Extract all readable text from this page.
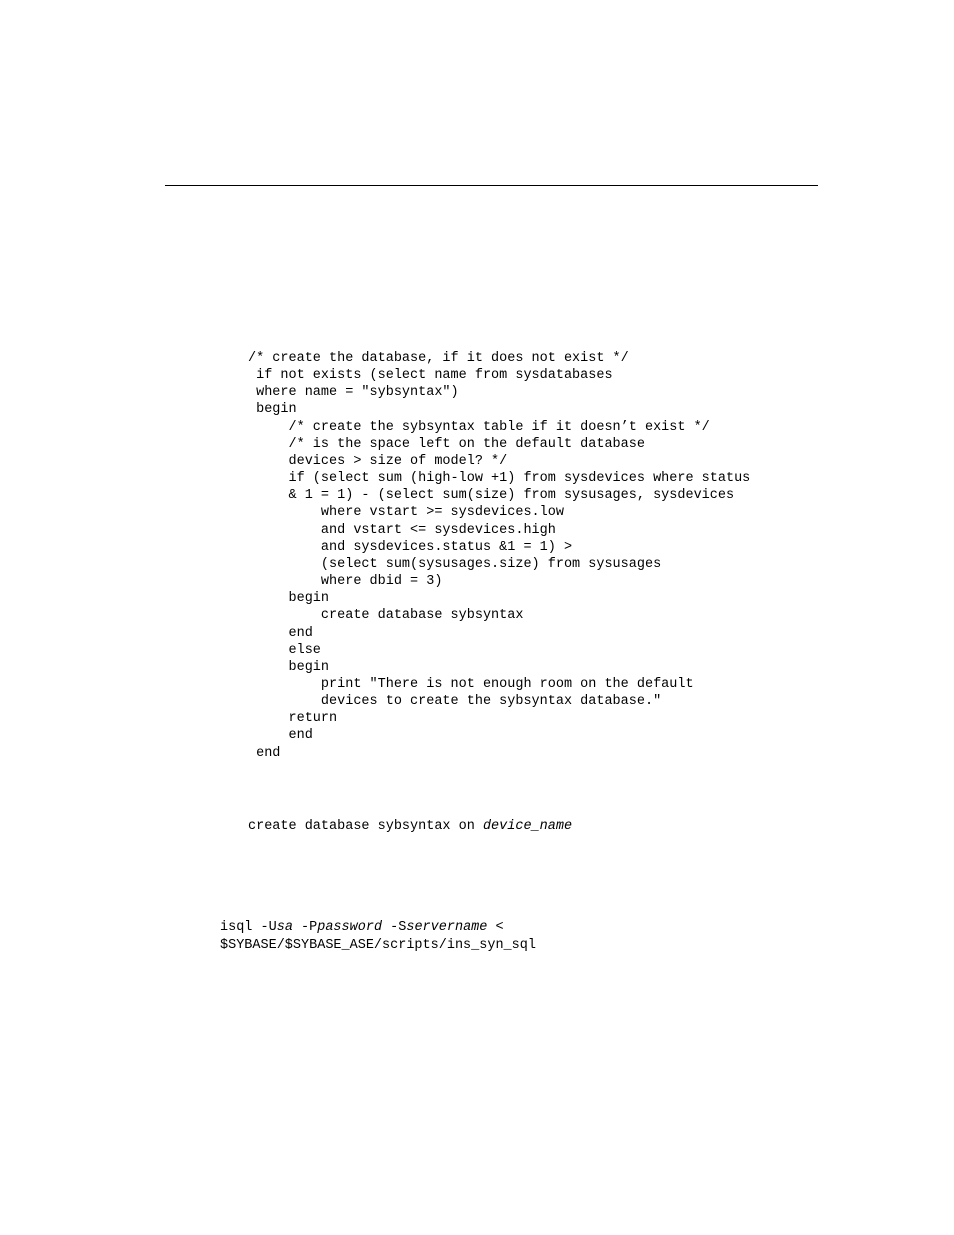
/* create the database, if it does not exist */
if not exists (select name from sysdatabases
where name = "sybsyntax")
begin
/* create the sybsyntax table if it doesn’t exist */
/* is the space left on the default database
devices > size of model? */
if (select sum (high-low +1) from sysdevices where status
& 1 = 1) - (select sum(size) from sysusages, sysdevices
where vstart >= sysdevices.low
and vstart <= sysdevices.high
and sysdevices.status &1 = 1) >
(select sum(sysusages.size) from sysusages
where dbid = 3)
begin
create database sybsyntax
end
else
begin
print "There is not enough room on the default
devices to create the sybsyntax database."
return
end
end
create database sybsyntax on device_name
isql -Usa -Ppassword -Sservername <
$SYBASE/$SYBASE_ASE/scripts/ins_syn_sql
